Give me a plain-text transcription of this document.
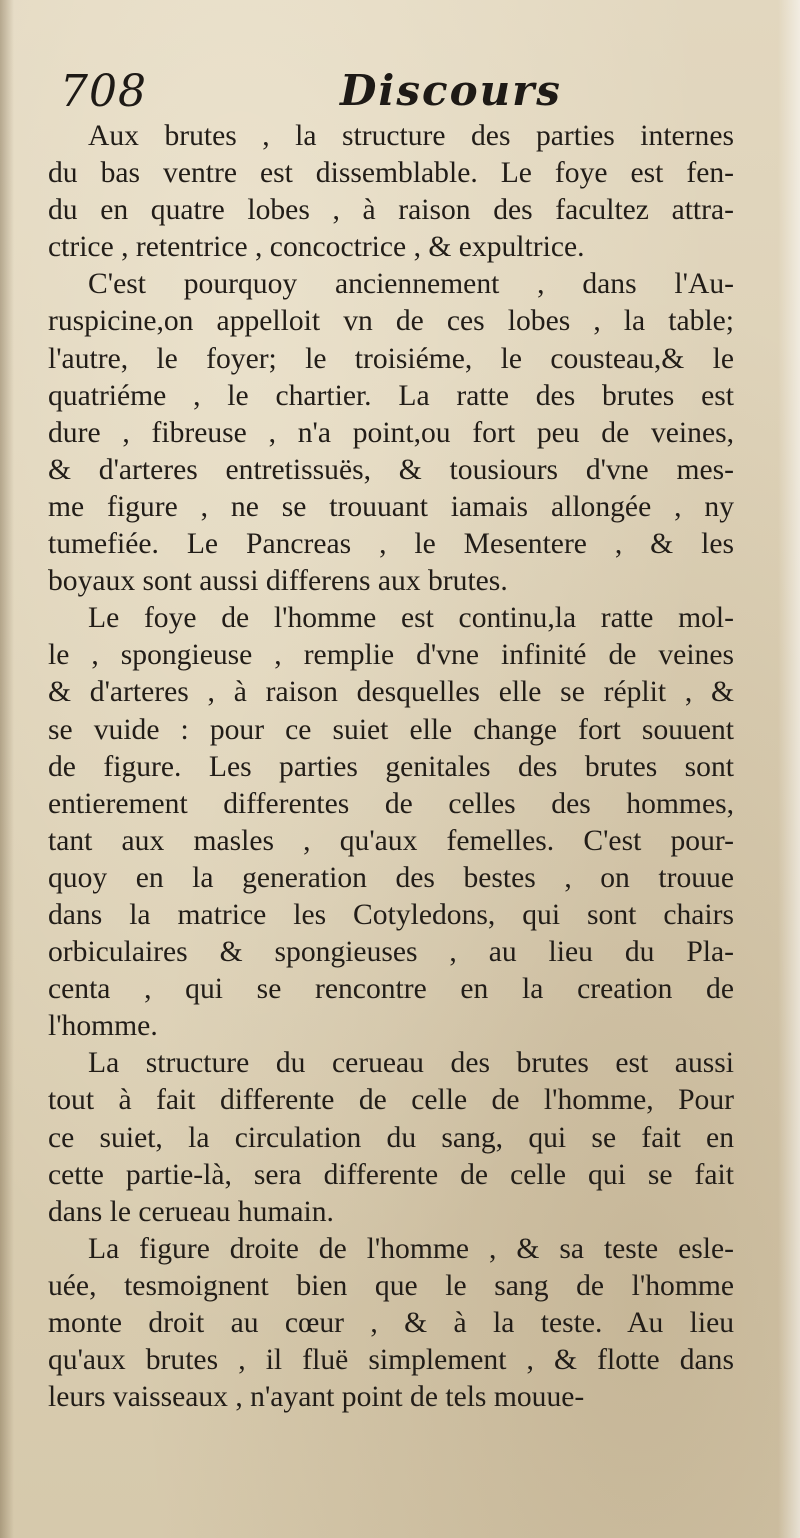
708	Discours
Aux brutes , la structure des parties internes
du bas ventre est dissemblable. Le foye est fen-
du en quatre lobes , à raison des facultez attra-
ctrice , retentrice , concoctrice , & expultrice.
C'est pourquoy anciennement , dans l'Au-
ruspicine,on appelloit vn de ces lobes , la table;
l'autre, le foyer; le troisiéme, le cousteau,& le
quatriéme , le chartier. La ratte des brutes est
dure , fibreuse , n'a point,ou fort peu de veines,
& d'arteres entretissuës, & tousiours d'vne mes-
me figure , ne se trouuant iamais allongée , ny
tumefiée. Le Pancreas , le Mesentere , & les
boyaux sont aussi differens aux brutes.
Le foye de l'homme est continu,la ratte mol-
le , spongieuse , remplie d'vne infinité de veines
& d'arteres , à raison desquelles elle se réplit , &
se vuide : pour ce suiet elle change fort souuent
de figure. Les parties genitales des brutes sont
entierement differentes de celles des hommes,
tant aux masles , qu'aux femelles. C'est pour-
quoy en la generation des bestes , on trouue
dans la matrice les Cotyledons, qui sont chairs
orbiculaires & spongieuses , au lieu du Pla-
centa , qui se rencontre en la creation de
l'homme.
La structure du cerueau des brutes est aussi
tout à fait differente de celle de l'homme, Pour
ce suiet, la circulation du sang, qui se fait en
cette partie-là, sera differente de celle qui se fait
dans le cerueau humain.
La figure droite de l'homme , & sa teste esle-
uée, tesmoignent bien que le sang de l'homme
monte droit au cœur , & à la teste. Au lieu
qu'aux brutes , il fluë simplement , & flotte dans
leurs vaisseaux , n'ayant point de tels mouue-
